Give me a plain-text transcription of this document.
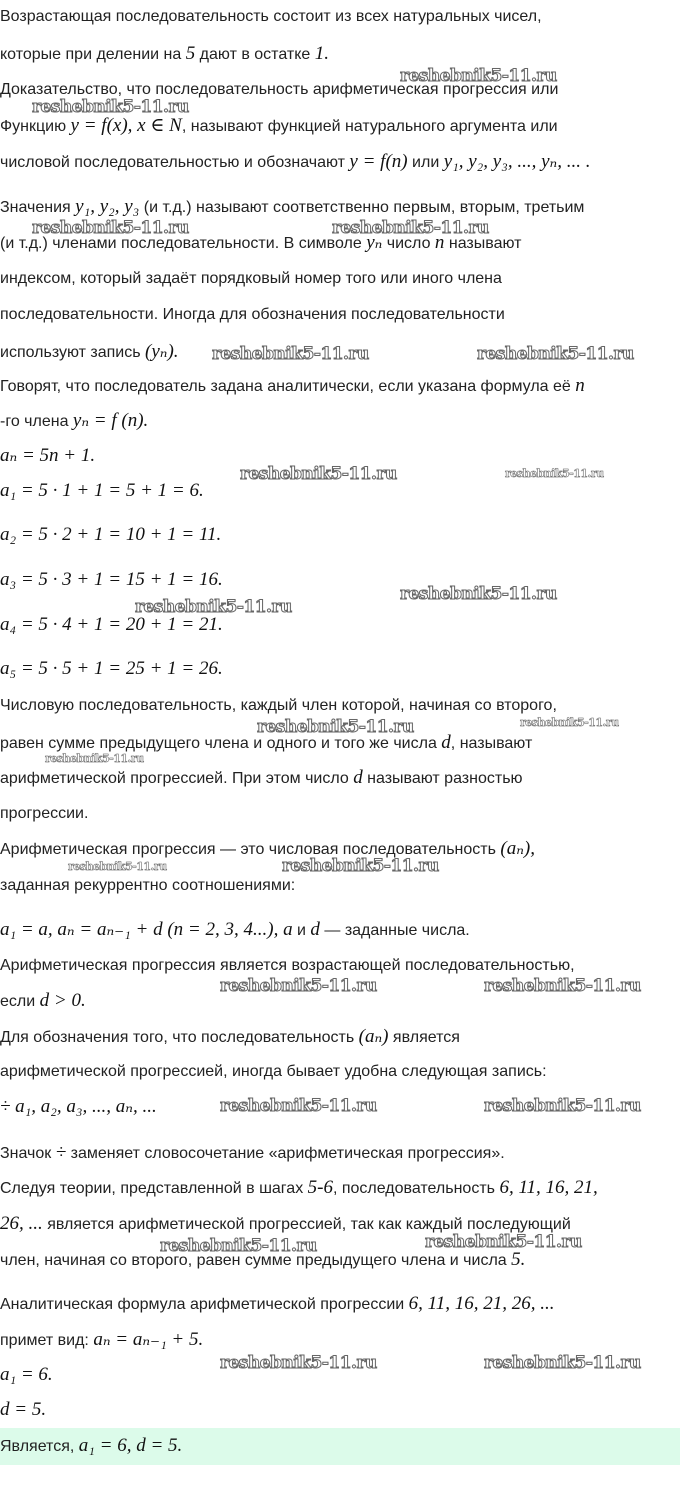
Возрастающая последовательность состоит из всех натуральных чисел,
которые при делении на 5 дают в остатке 1.
Доказательство, что последовательность арифметическая прогрессия или
Функцию y = f(x), x ∈ N, называют функцией натурального аргумента или
числовой последовательностью и обозначают y = f(n) или y₁, y₂, y₃, ..., yₙ, ... .
Значения y₁, y₂, y₃ (и т.д.) называют соответственно первым, вторым, третьим
(и т.д.) членами последовательности. В символе yₙ число n называют
индексом, который задаёт порядковый номер того или иного члена
последовательности. Иногда для обозначения последовательности
используют запись (yₙ).
Говорят, что последователь задана аналитически, если указана формула её n
-го члена yₙ = f (n).
aₙ = 5n + 1.
a₁ = 5 · 1 + 1 = 5 + 1 = 6.
a₂ = 5 · 2 + 1 = 10 + 1 = 11.
a₃ = 5 · 3 + 1 = 15 + 1 = 16.
a₄ = 5 · 4 + 1 = 20 + 1 = 21.
a₅ = 5 · 5 + 1 = 25 + 1 = 26.
Числовую последовательность, каждый член которой, начиная со второго,
равен сумме предыдущего члена и одного и того же числа d, называют
арифметической прогрессией. При этом число d называют разностью
прогрессии.
Арифметическая прогрессия — это числовая последовательность (aₙ),
заданная рекуррентно соотношениями:
a₁ = a, aₙ = aₙ₋₁ + d (n = 2, 3, 4...), a и d — заданные числа.
Арифметическая прогрессия является возрастающей последовательностью,
если d > 0.
Для обозначения того, что последовательность (aₙ) является
арифметической прогрессией, иногда бывает удобна следующая запись:
÷ a₁, a₂, a₃, ..., aₙ, ...
Значок ÷ заменяет словосочетание «арифметическая прогрессия».
Следуя теории, представленной в шагах 5-6, последовательность 6, 11, 16, 21,
26, ... является арифметической прогрессией, так как каждый последующий
член, начиная со второго, равен сумме предыдущего члена и числа 5.
Аналитическая формула арифметической прогрессии 6, 11, 16, 21, 26, ...
примет вид: aₙ = aₙ₋₁ + 5.
a₁ = 6.
d = 5.
Является, a₁ = 6, d = 5.
reshebnik5-11.ru
reshebnik5-11.ru
reshebnik5-11.ru	reshebnik5-11.ru
reshebnik5-11.ru	reshebnik5-11.ru
reshebnik5-11.ru	reshebnik5-11.ru
reshebnik5-11.ru
reshebnik5-11.ru
reshebnik5-11.ru	reshebnik5-11.ru
reshebnik5-11.ru
reshebnik5-11.ru	reshebnik5-11.ru
reshebnik5-11.ru	reshebnik5-11.ru
reshebnik5-11.ru	reshebnik5-11.ru
reshebnik5-11.ru	reshebnik5-11.ru
reshebnik5-11.ru	reshebnik5-11.ru
